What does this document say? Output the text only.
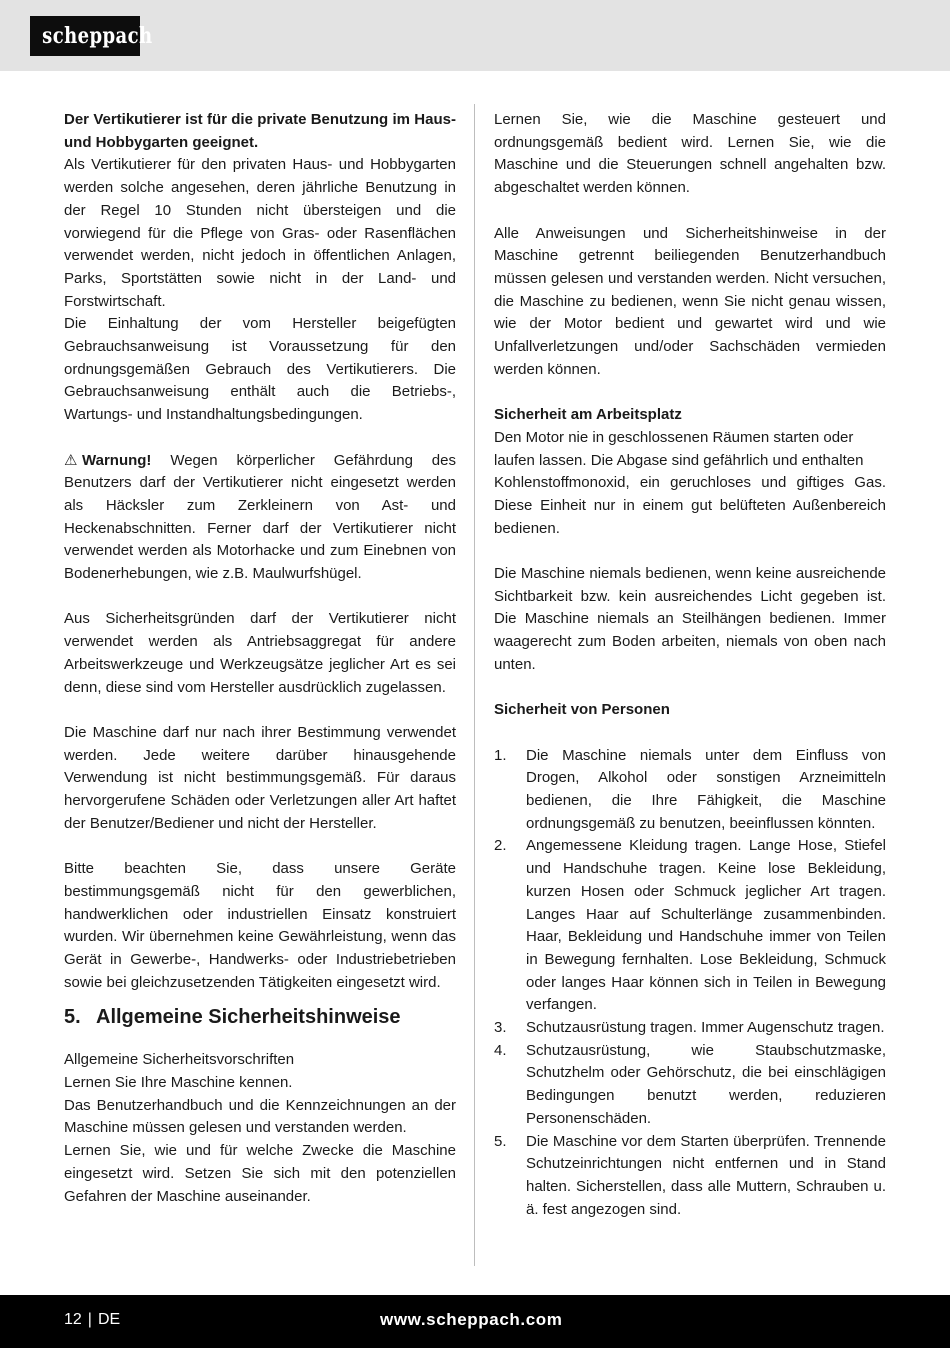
scheppach

Der Vertikutierer ist für die private Benutzung im Haus- und Hobbygarten geeignet.

Als Vertikutierer für den privaten Haus- und Hobbygarten werden solche angesehen, deren jährliche Benutzung in der Regel 10 Stunden nicht übersteigen und die vorwiegend für die Pflege von Gras- oder Rasenflächen verwendet werden, nicht jedoch in öffentlichen Anlagen, Parks, Sportstätten sowie nicht in der Land- und Forstwirtschaft.

Die Einhaltung der vom Hersteller beigefügten Gebrauchsanweisung ist Voraussetzung für den ordnungsgemäßen Gebrauch des Vertikutierers. Die Gebrauchsanweisung enthält auch die Betriebs-, Wartungs- und Instandhaltungsbedingungen.

⚠ Warnung! Wegen körperlicher Gefährdung des Benutzers darf der Vertikutierer nicht eingesetzt werden als Häcksler zum Zerkleinern von Ast- und Heckenabschnitten. Ferner darf der Vertikutierer nicht verwendet werden als Motorhacke und zum Einebnen von Bodenerhebungen, wie z.B. Maulwurfshügel.

Aus Sicherheitsgründen darf der Vertikutierer nicht verwendet werden als Antriebsaggregat für andere Arbeitswerkzeuge und Werkzeugsätze jeglicher Art es sei denn, diese sind vom Hersteller ausdrücklich zugelassen.

Die Maschine darf nur nach ihrer Bestimmung verwendet werden. Jede weitere darüber hinausgehende Verwendung ist nicht bestimmungsgemäß. Für daraus hervorgerufene Schäden oder Verletzungen aller Art haftet der Benutzer/Bediener und nicht der Hersteller.

Bitte beachten Sie, dass unsere Geräte bestimmungsgemäß nicht für den gewerblichen, handwerklichen oder industriellen Einsatz konstruiert wurden. Wir übernehmen keine Gewährleistung, wenn das Gerät in Gewerbe-, Handwerks- oder Industriebetrieben sowie bei gleichzusetzenden Tätigkeiten eingesetzt wird.

5. Allgemeine Sicherheitshinweise

Allgemeine Sicherheitsvorschriften

Lernen Sie Ihre Maschine kennen.

Das Benutzerhandbuch und die Kennzeichnungen an der Maschine müssen gelesen und verstanden werden.

Lernen Sie, wie und für welche Zwecke die Maschine eingesetzt wird. Setzen Sie sich mit den potenziellen Gefahren der Maschine auseinander.

Lernen Sie, wie die Maschine gesteuert und ordnungsgemäß bedient wird. Lernen Sie, wie die Maschine und die Steuerungen schnell angehalten bzw. abgeschaltet werden können.

Alle Anweisungen und Sicherheitshinweise in der Maschine getrennt beiliegenden Benutzerhandbuch müssen gelesen und verstanden werden. Nicht versuchen, die Maschine zu bedienen, wenn Sie nicht genau wissen, wie der Motor bedient und gewartet wird und wie Unfallverletzungen und/oder Sachschäden vermieden werden können.

Sicherheit am Arbeitsplatz

Den Motor nie in geschlossenen Räumen starten oder laufen lassen. Die Abgase sind gefährlich und enthalten

Kohlenstoffmonoxid, ein geruchloses und giftiges Gas. Diese Einheit nur in einem gut belüfteten Außenbereich bedienen.

Die Maschine niemals bedienen, wenn keine ausreichende Sichtbarkeit bzw. kein ausreichendes Licht gegeben ist. Die Maschine niemals an Steilhängen bedienen. Immer waagerecht zum Boden arbeiten, niemals von oben nach unten.

Sicherheit von Personen

1.	Die Maschine niemals unter dem Einfluss von Drogen, Alkohol oder sonstigen Arzneimitteln bedienen, die Ihre Fähigkeit, die Maschine ordnungsgemäß zu benutzen, beeinflussen könnten.
2.	Angemessene Kleidung tragen. Lange Hose, Stiefel und Handschuhe tragen. Keine lose Bekleidung, kurzen Hosen oder Schmuck jeglicher Art tragen. Langes Haar auf Schulterlänge zusammenbinden. Haar, Bekleidung und Handschuhe immer von Teilen in Bewegung fernhalten. Lose Bekleidung, Schmuck oder langes Haar können sich in Teilen in Bewegung verfangen.
3.	Schutzausrüstung tragen. Immer Augenschutz tragen.
4.	Schutzausrüstung, wie Staubschutzmaske, Schutzhelm oder Gehörschutz, die bei einschlägigen Bedingungen benutzt werden, reduzieren Personenschäden.
5.	Die Maschine vor dem Starten überprüfen. Trennende Schutzeinrichtungen nicht entfernen und in Stand halten. Sicherstellen, dass alle Muttern, Schrauben u. ä. fest angezogen sind.
12 | DE	www.scheppach.com
